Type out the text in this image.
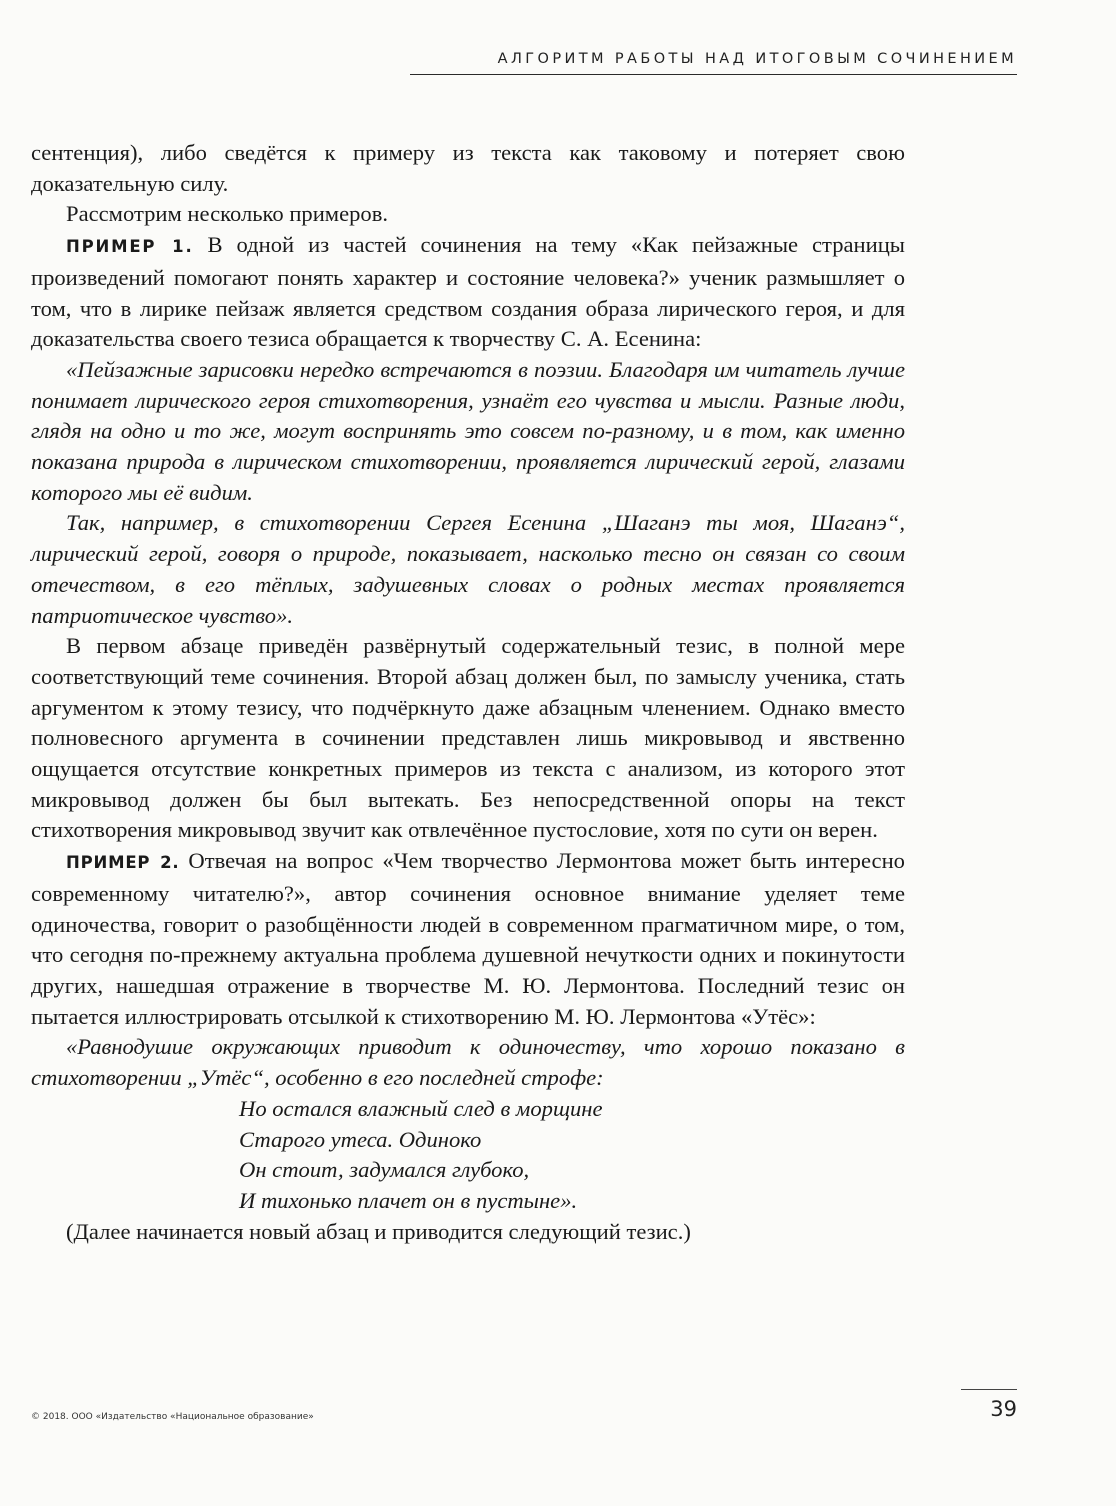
АЛГОРИТМ РАБОТЫ НАД ИТОГОВЫМ СОЧИНЕНИЕМ

сентенция), либо сведётся к примеру из текста как таковому и потеряет свою доказательную силу.

Рассмотрим несколько примеров.

ПРИМЕР 1. В одной из частей сочинения на тему «Как пейзажные страницы произведений помогают понять характер и состояние человека?» ученик размышляет о том, что в лирике пейзаж является средством создания образа лирического героя, и для доказательства своего тезиса обращается к творчеству С. А. Есенина:

«Пейзажные зарисовки нередко встречаются в поэзии. Благодаря им читатель лучше понимает лирического героя стихотворения, узнаёт его чувства и мысли. Разные люди, глядя на одно и то же, могут воспринять это совсем по-разному, и в том, как именно показана природа в лирическом стихотворении, проявляется лирический герой, глазами которого мы её видим.

Так, например, в стихотворении Сергея Есенина „Шаганэ ты моя, Шаганэ“, лирический герой, говоря о природе, показывает, насколько тесно он связан со своим отечеством, в его тёплых, задушевных словах о родных местах проявляется патриотическое чувство».

В первом абзаце приведён развёрнутый содержательный тезис, в полной мере соответствующий теме сочинения. Второй абзац должен был, по замыслу ученика, стать аргументом к этому тезису, что подчёркнуто даже абзацным членением. Однако вместо полновесного аргумента в сочинении представлен лишь микровывод и явственно ощущается отсутствие конкретных примеров из текста с анализом, из которого этот микровывод должен бы был вытекать. Без непосредственной опоры на текст стихотворения микровывод звучит как отвлечённое пустословие, хотя по сути он верен.

ПРИМЕР 2. Отвечая на вопрос «Чем творчество Лермонтова может быть интересно современному читателю?», автор сочинения основное внимание уделяет теме одиночества, говорит о разобщённости людей в современном прагматичном мире, о том, что сегодня по-прежнему актуальна проблема душевной нечуткости одних и покинутости других, нашедшая отражение в творчестве М. Ю. Лермонтова. Последний тезис он пытается иллюстрировать отсылкой к стихотворению М. Ю. Лермонтова «Утёс»:

«Равнодушие окружающих приводит к одиночеству, что хорошо показано в стихотворении „Утёс“, особенно в его последней строфе:

Но остался влажный след в морщине
Старого утеса. Одиноко
Он стоит, задумался глубоко,
И тихонько плачет он в пустыне».

(Далее начинается новый абзац и приводится следующий тезис.)

© 2018. ООО «Издательство «Национальное образование»	39
